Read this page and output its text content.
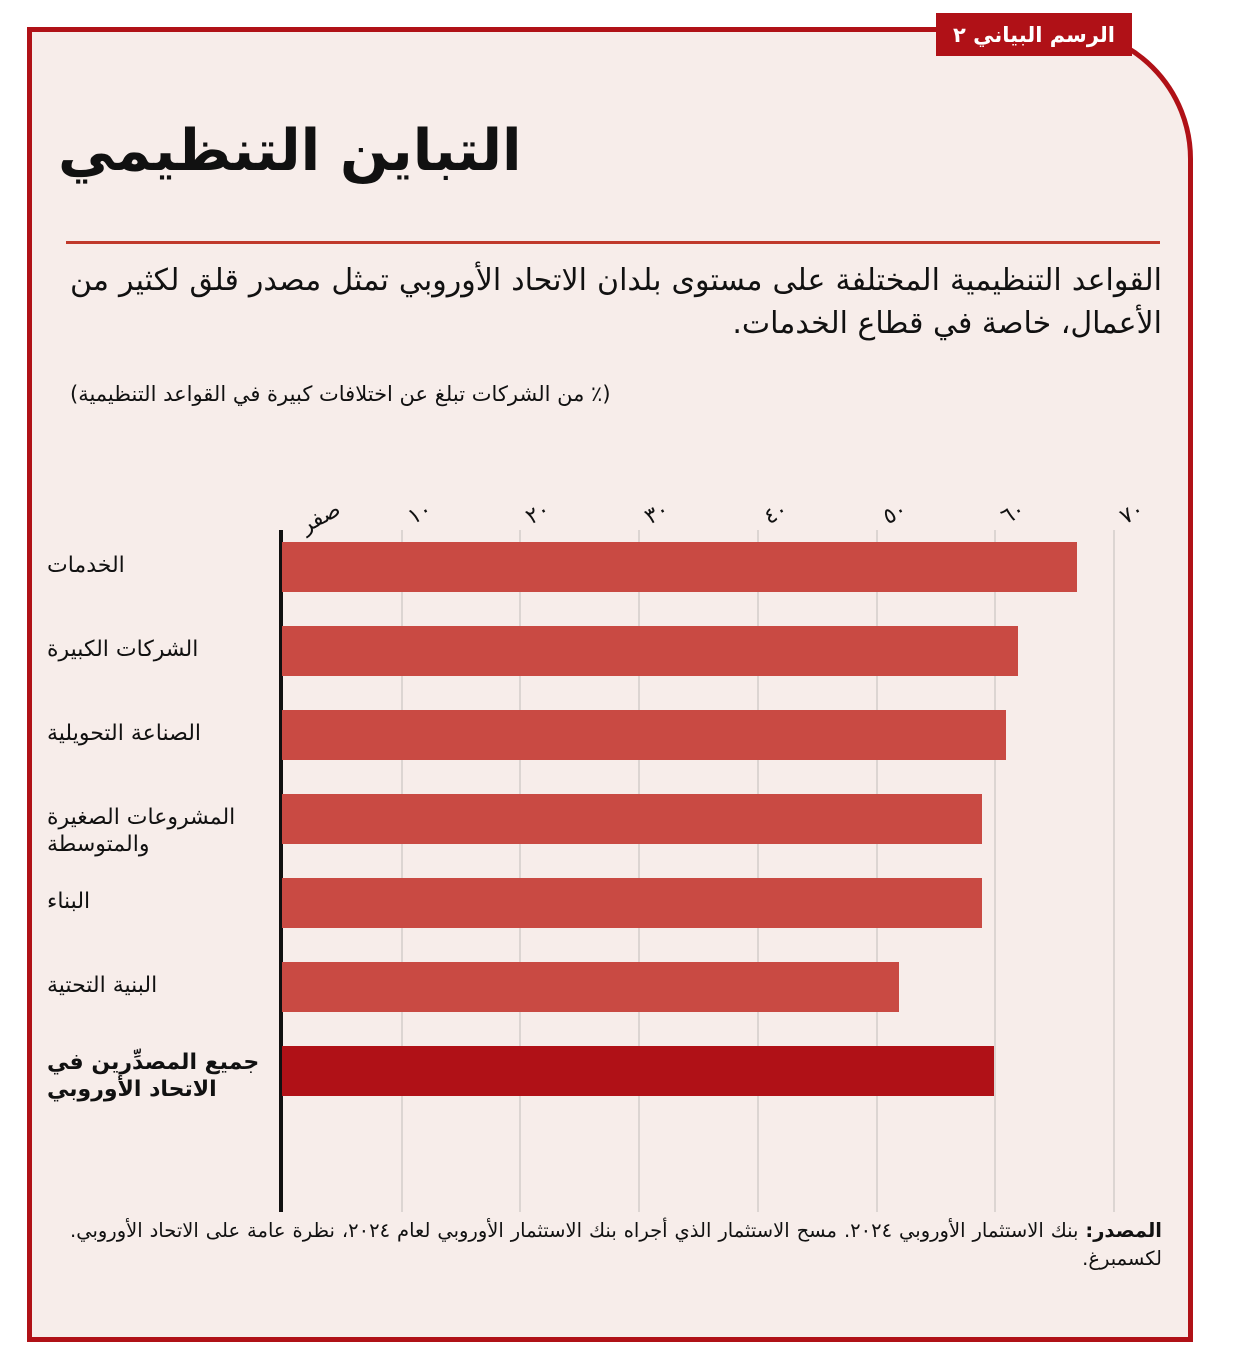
التباين التنظيمي
القواعد التنظيمية المختلفة على مستوى بلدان الاتحاد الأوروبي تمثل مصدر قلق لكثير من الأعمال، خاصة في قطاع الخدمات.
(٪ من الشركات تبلغ عن اختلافات كبيرة في القواعد التنظيمية)
صفر	١٠	٢٠	٣٠	٤٠	٥٠	٦٠	٧٠
الخدمات
الشركات الكبيرة
الصناعة التحويلية
المشروعات الصغيرة والمتوسطة
البناء
البنية التحتية
جميع المصدِّرين في الاتحاد الأوروبي
المصدر: بنك الاستثمار الأوروبي ٢٠٢٤. مسح الاستثمار الذي أجراه بنك الاستثمار الأوروبي لعام ٢٠٢٤، نظرة عامة على الاتحاد الأوروبي. لكسمبرغ.
الرسم البياني ٢
